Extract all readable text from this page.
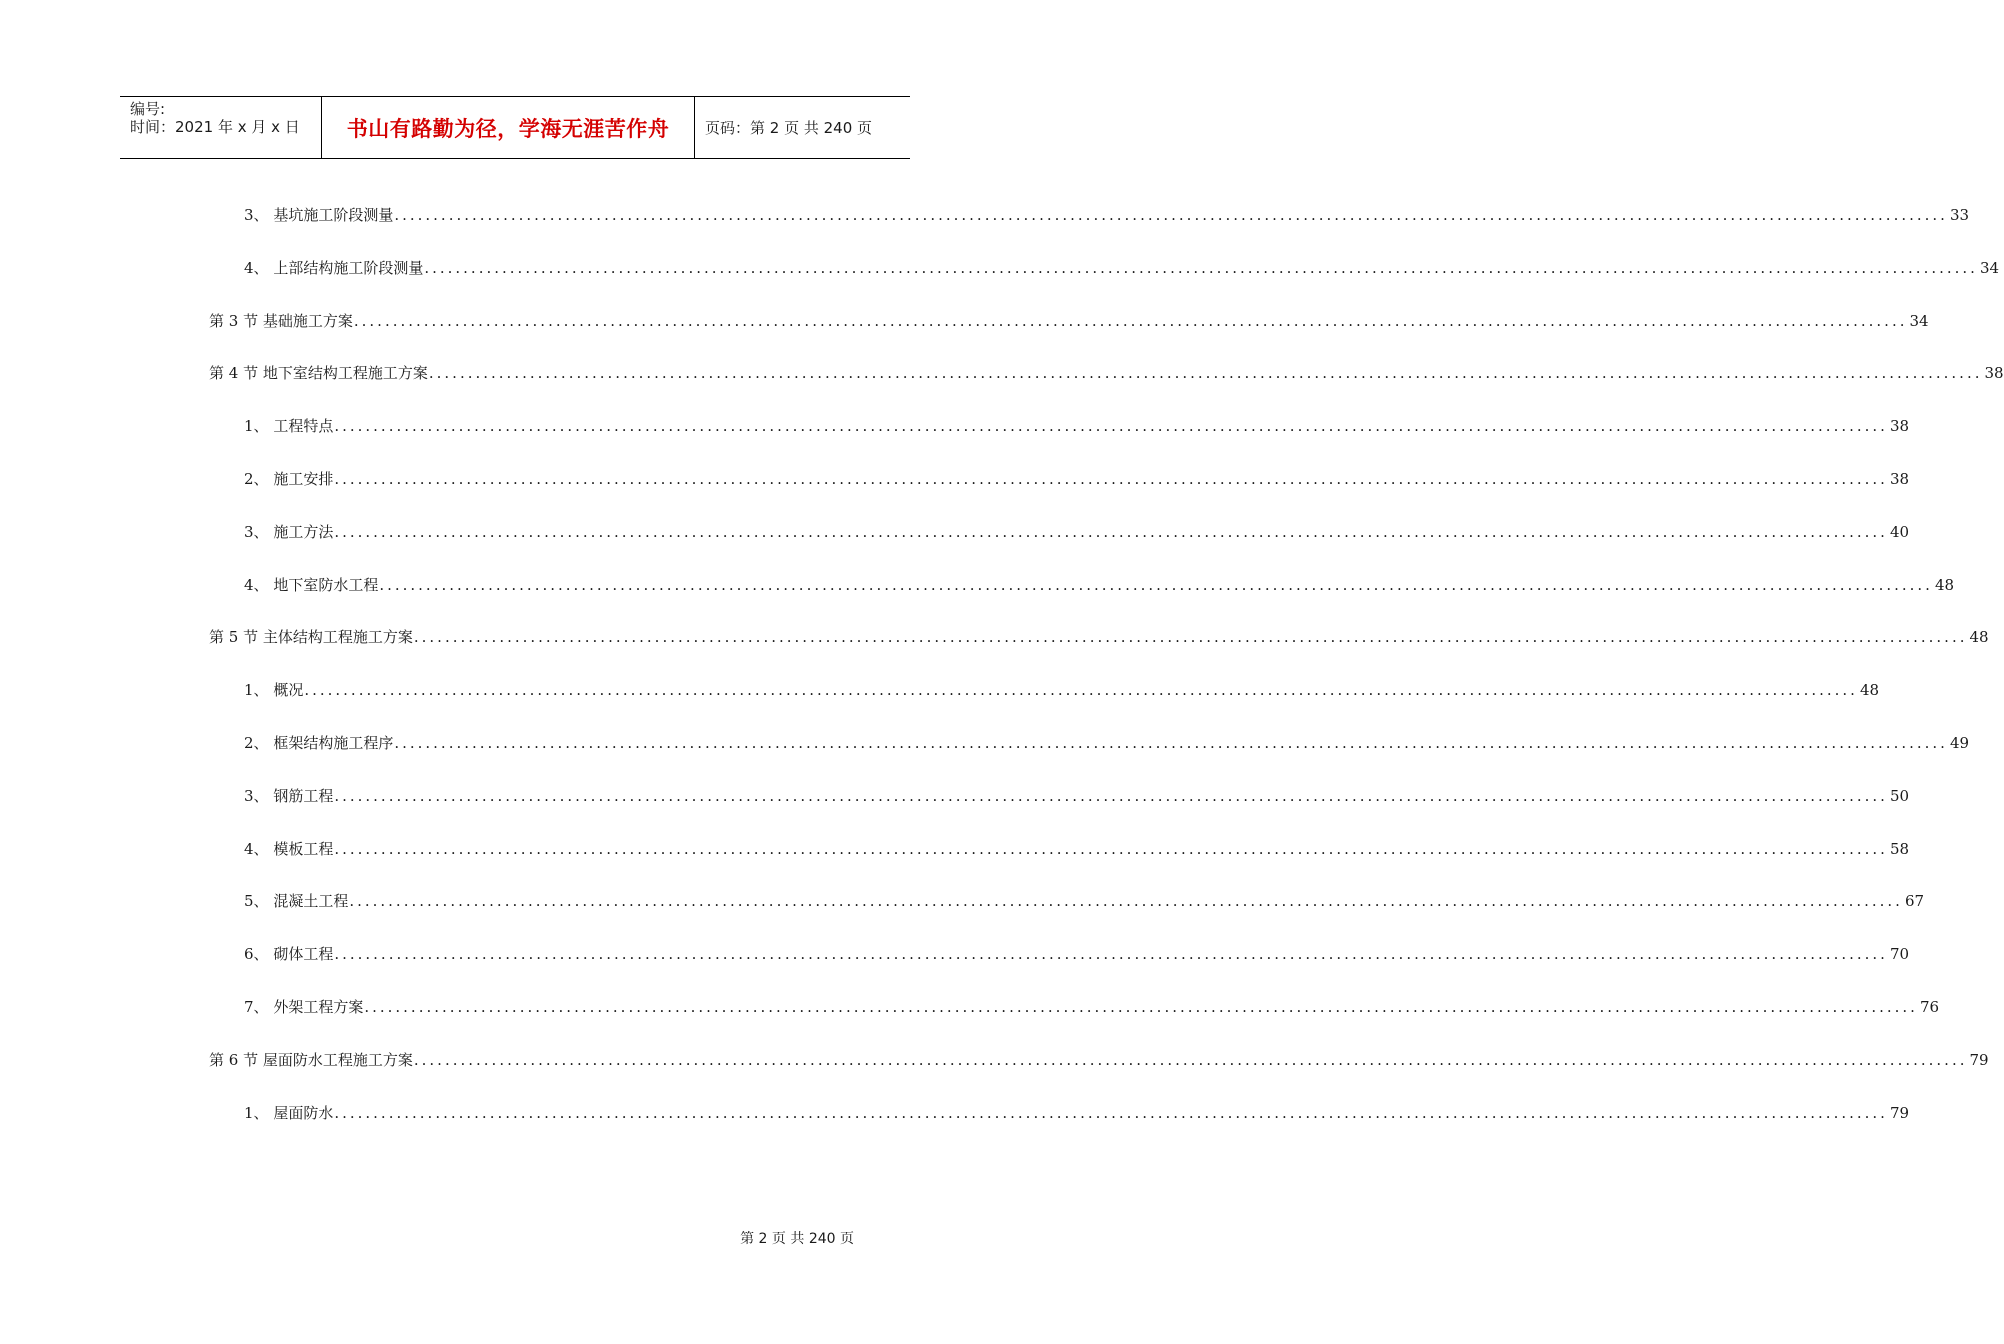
编号:
时间：2021 年 x 月 x 日 书山有路勤为径，学海无涯苦作舟 页码：第 2 页 共 240 页
3、 基坑施工阶段测量 ........................................................................................................................................................................................................ 33
4、 上部结构施工阶段测量 ........................................................................................................................................................................................................ 34
第 3 节 基础施工方案 ........................................................................................................................................................................................................ 34
第 4 节 地下室结构工程施工方案 ........................................................................................................................................................................................................ 38
1、 工程特点 ........................................................................................................................................................................................................ 38
2、 施工安排 ........................................................................................................................................................................................................ 38
3、 施工方法 ........................................................................................................................................................................................................ 40
4、 地下室防水工程 ........................................................................................................................................................................................................ 48
第 5 节 主体结构工程施工方案 ........................................................................................................................................................................................................ 48
1、 概况 ........................................................................................................................................................................................................ 48
2、 框架结构施工程序 ........................................................................................................................................................................................................ 49
3、 钢筋工程 ........................................................................................................................................................................................................ 50
4、 模板工程 ........................................................................................................................................................................................................ 58
5、 混凝土工程 ........................................................................................................................................................................................................ 67
6、 砌体工程 ........................................................................................................................................................................................................ 70
7、 外架工程方案 ........................................................................................................................................................................................................ 76
第 6 节 屋面防水工程施工方案 ........................................................................................................................................................................................................ 79
1、 屋面防水 ........................................................................................................................................................................................................ 79
第 2 页 共 240 页
